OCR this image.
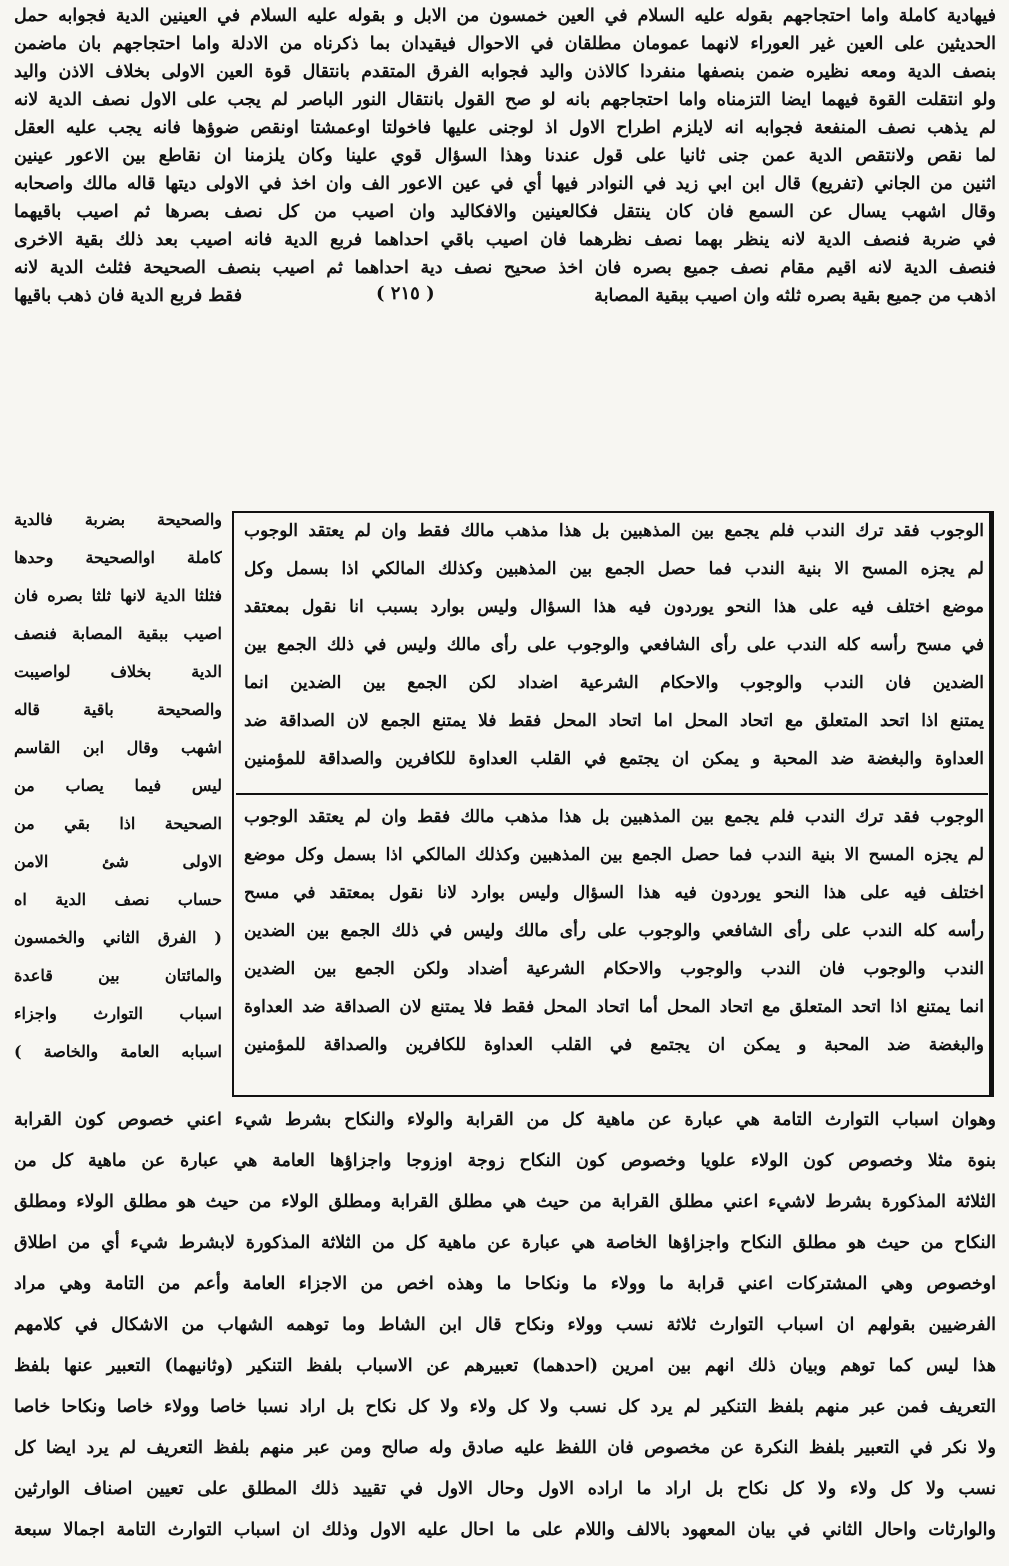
فيهادية كاملة واما احتجاجهم بقوله عليه السلام في العين خمسون من الابل و بقوله عليه السلام في العينين الدية فجوابه حمل
الحديثين على العين غير العوراء لانهما عمومان مطلقان في الاحوال فيقيدان بما ذكرناه من الادلة واما احتجاجهم بان ماضمن
بنصف الدية ومعه نظيره ضمن بنصفها منفردا كالاذن واليد فجوابه الفرق المتقدم بانتقال قوة العين الاولى بخلاف الاذن واليد
ولو انتقلت القوة فيهما ايضا التزمناه واما احتجاجهم بانه لو صح القول بانتقال النور الباصر لم يجب على الاول نصف الدية لانه
لم يذهب نصف المنفعة فجوابه انه لايلزم اطراح الاول اذ لوجنى عليها فاخولتا اوعمشتا اونقص ضوؤها فانه يجب عليه العقل
لما نقص ولانتقص الدية عمن جنى ثانيا على قول عندنا وهذا السؤال قوي علينا وكان يلزمنا ان نقاطع بين الاعور عينين
اثنين من الجاني (تفريع) قال ابن ابي زيد في النوادر فيها أي في عين الاعور الف وان اخذ في الاولى ديتها قاله مالك واصحابه
وقال اشهب يسال عن السمع فان كان ينتقل فكالعينين والافكاليد وان اصيب من كل نصف بصرها ثم اصيب باقيهما
في ضربة فنصف الدية لانه ينظر بهما نصف نظرهما فان اصيب باقي احداهما فربع الدية فانه اصيب بعد ذلك بقية الاخرى
فنصف الدية لانه اقيم مقام نصف جميع بصره فان اخذ صحيح نصف دية احداهما ثم اصيب بنصف الصحيحة فثلث الدية لانه
اذهب من جميع بقية بصره ثلثه وان اصيب ببقية المصابة
( ٢١٥ )
فقط فربع الدية فان ذهب باقيها
الوجوب فقد ترك الندب فلم يجمع بين المذهبين بل هذا مذهب مالك فقط وان لم يعتقد الوجوب
لم يجزه المسح الا بنية الندب فما حصل الجمع بين المذهبين وكذلك المالكي اذا بسمل وكل
موضع اختلف فيه على هذا النحو يوردون فيه هذا السؤال وليس بوارد بسبب انا نقول بمعتقد
في مسح رأسه كله الندب على رأى الشافعي والوجوب على رأى مالك وليس في ذلك الجمع بين
الضدين فان الندب والوجوب والاحكام الشرعية اضداد لكن الجمع بين الضدين انما
يمتنع اذا اتحد المتعلق مع اتحاد المحل اما اتحاد المحل فقط فلا يمتنع الجمع لان الصداقة ضد
العداوة والبغضة ضد المحبة و يمكن ان يجتمع في القلب العداوة للكافرين والصداقة للمؤمنين
الوجوب فقد ترك الندب فلم يجمع بين المذهبين بل هذا مذهب مالك فقط وان لم يعتقد الوجوب
لم يجزه المسح الا بنية الندب فما حصل الجمع بين المذهبين وكذلك المالكي اذا بسمل وكل موضع
اختلف فيه على هذا النحو يوردون فيه هذا السؤال وليس بوارد لانا نقول بمعتقد في مسح
رأسه كله الندب على رأى الشافعي والوجوب على رأى مالك وليس في ذلك الجمع بين الضدين
الندب والوجوب فان الندب والوجوب والاحكام الشرعية أضداد ولكن الجمع بين الضدين
انما يمتنع اذا اتحد المتعلق مع اتحاد المحل أما اتحاد المحل فقط فلا يمتنع لان الصداقة ضد العداوة
والبغضة ضد المحبة و يمكن ان يجتمع في القلب العداوة للكافرين والصداقة للمؤمنين
والصحيحة بضربة فالدية
كاملة اوالصحيحة وحدها
فثلثا الدية لانها ثلثا بصره فان
اصيب ببقية المصابة فنصف
الدية بخلاف لواصيبت
والصحيحة باقية قاله
اشهب وقال ابن القاسم
ليس فيما يصاب من
الصحيحة اذا بقي من
الاولى شئ الامن
حساب نصف الدية اه
( الفرق الثاني والخمسون
والمائتان بين قاعدة
اسباب التوارث واجزاء
اسبابه العامة والخاصة )
وهوان اسباب التوارث التامة هي عبارة عن ماهية كل من القرابة والولاء والنكاح بشرط شيء اعني خصوص كون القرابة
بنوة مثلا وخصوص كون الولاء علويا وخصوص كون النكاح زوجة اوزوجا واجزاؤها العامة هي عبارة عن ماهية كل من
الثلاثة المذكورة بشرط لاشيء اعني مطلق القرابة من حيث هي مطلق القرابة ومطلق الولاء من حيث هو مطلق الولاء ومطلق
النكاح من حيث هو مطلق النكاح واجزاؤها الخاصة هي عبارة عن ماهية كل من الثلاثة المذكورة لابشرط شيء أي من اطلاق
اوخصوص وهي المشتركات اعني قرابة ما وولاء ما ونكاحا ما وهذه اخص من الاجزاء العامة وأعم من التامة وهي مراد
الفرضيين بقولهم ان اسباب التوارث ثلاثة نسب وولاء ونكاح قال ابن الشاط وما توهمه الشهاب من الاشكال في كلامهم
هذا ليس كما توهم وبيان ذلك انهم بين امرين (احدهما) تعبيرهم عن الاسباب بلفظ التنكير (وثانيهما) التعبير عنها بلفظ
التعريف فمن عبر منهم بلفظ التنكير لم يرد كل نسب ولا كل ولاء ولا كل نكاح بل اراد نسبا خاصا وولاء خاصا ونكاحا خاصا
ولا نكر في التعبير بلفظ النكرة عن مخصوص فان اللفظ عليه صادق وله صالح ومن عبر منهم بلفظ التعريف لم يرد ايضا كل
نسب ولا كل ولاء ولا كل نكاح بل اراد ما اراده الاول وحال الاول في تقييد ذلك المطلق على تعيين اصناف الوارثين
والوارثات واحال الثاني في بيان المعهود بالالف واللام على ما احال عليه الاول وذلك ان اسباب التوارث التامة اجمالا سبعة
